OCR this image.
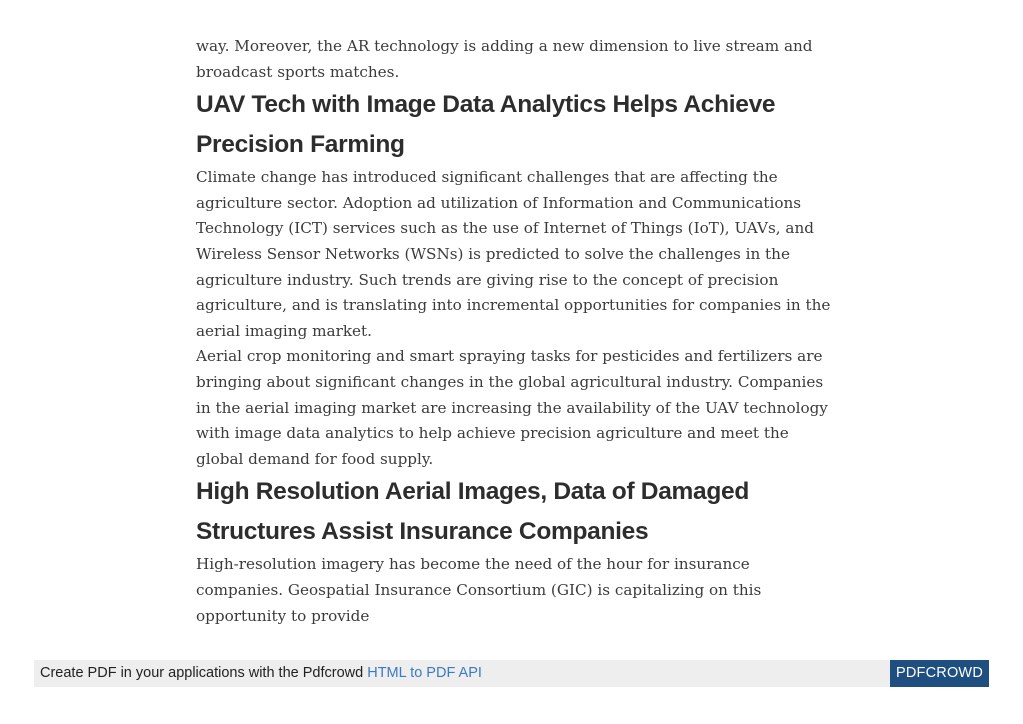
way. Moreover, the AR technology is adding a new dimension to live stream and broadcast sports matches.

UAV Tech with Image Data Analytics Helps Achieve Precision Farming

Climate change has introduced significant challenges that are affecting the agriculture sector. Adoption ad utilization of Information and Communications Technology (ICT) services such as the use of Internet of Things (IoT), UAVs, and Wireless Sensor Networks (WSNs) is predicted to solve the challenges in the agriculture industry. Such trends are giving rise to the concept of precision agriculture, and is translating into incremental opportunities for companies in the aerial imaging market.

Aerial crop monitoring and smart spraying tasks for pesticides and fertilizers are bringing about significant changes in the global agricultural industry. Companies in the aerial imaging market are increasing the availability of the UAV technology with image data analytics to help achieve precision agriculture and meet the global demand for food supply.

High Resolution Aerial Images, Data of Damaged Structures Assist Insurance Companies

High-resolution imagery has become the need of the hour for insurance companies. Geospatial Insurance Consortium (GIC) is capitalizing on this opportunity to provide

Create PDF in your applications with the Pdfcrowd HTML to PDF API	PDFCROWD
